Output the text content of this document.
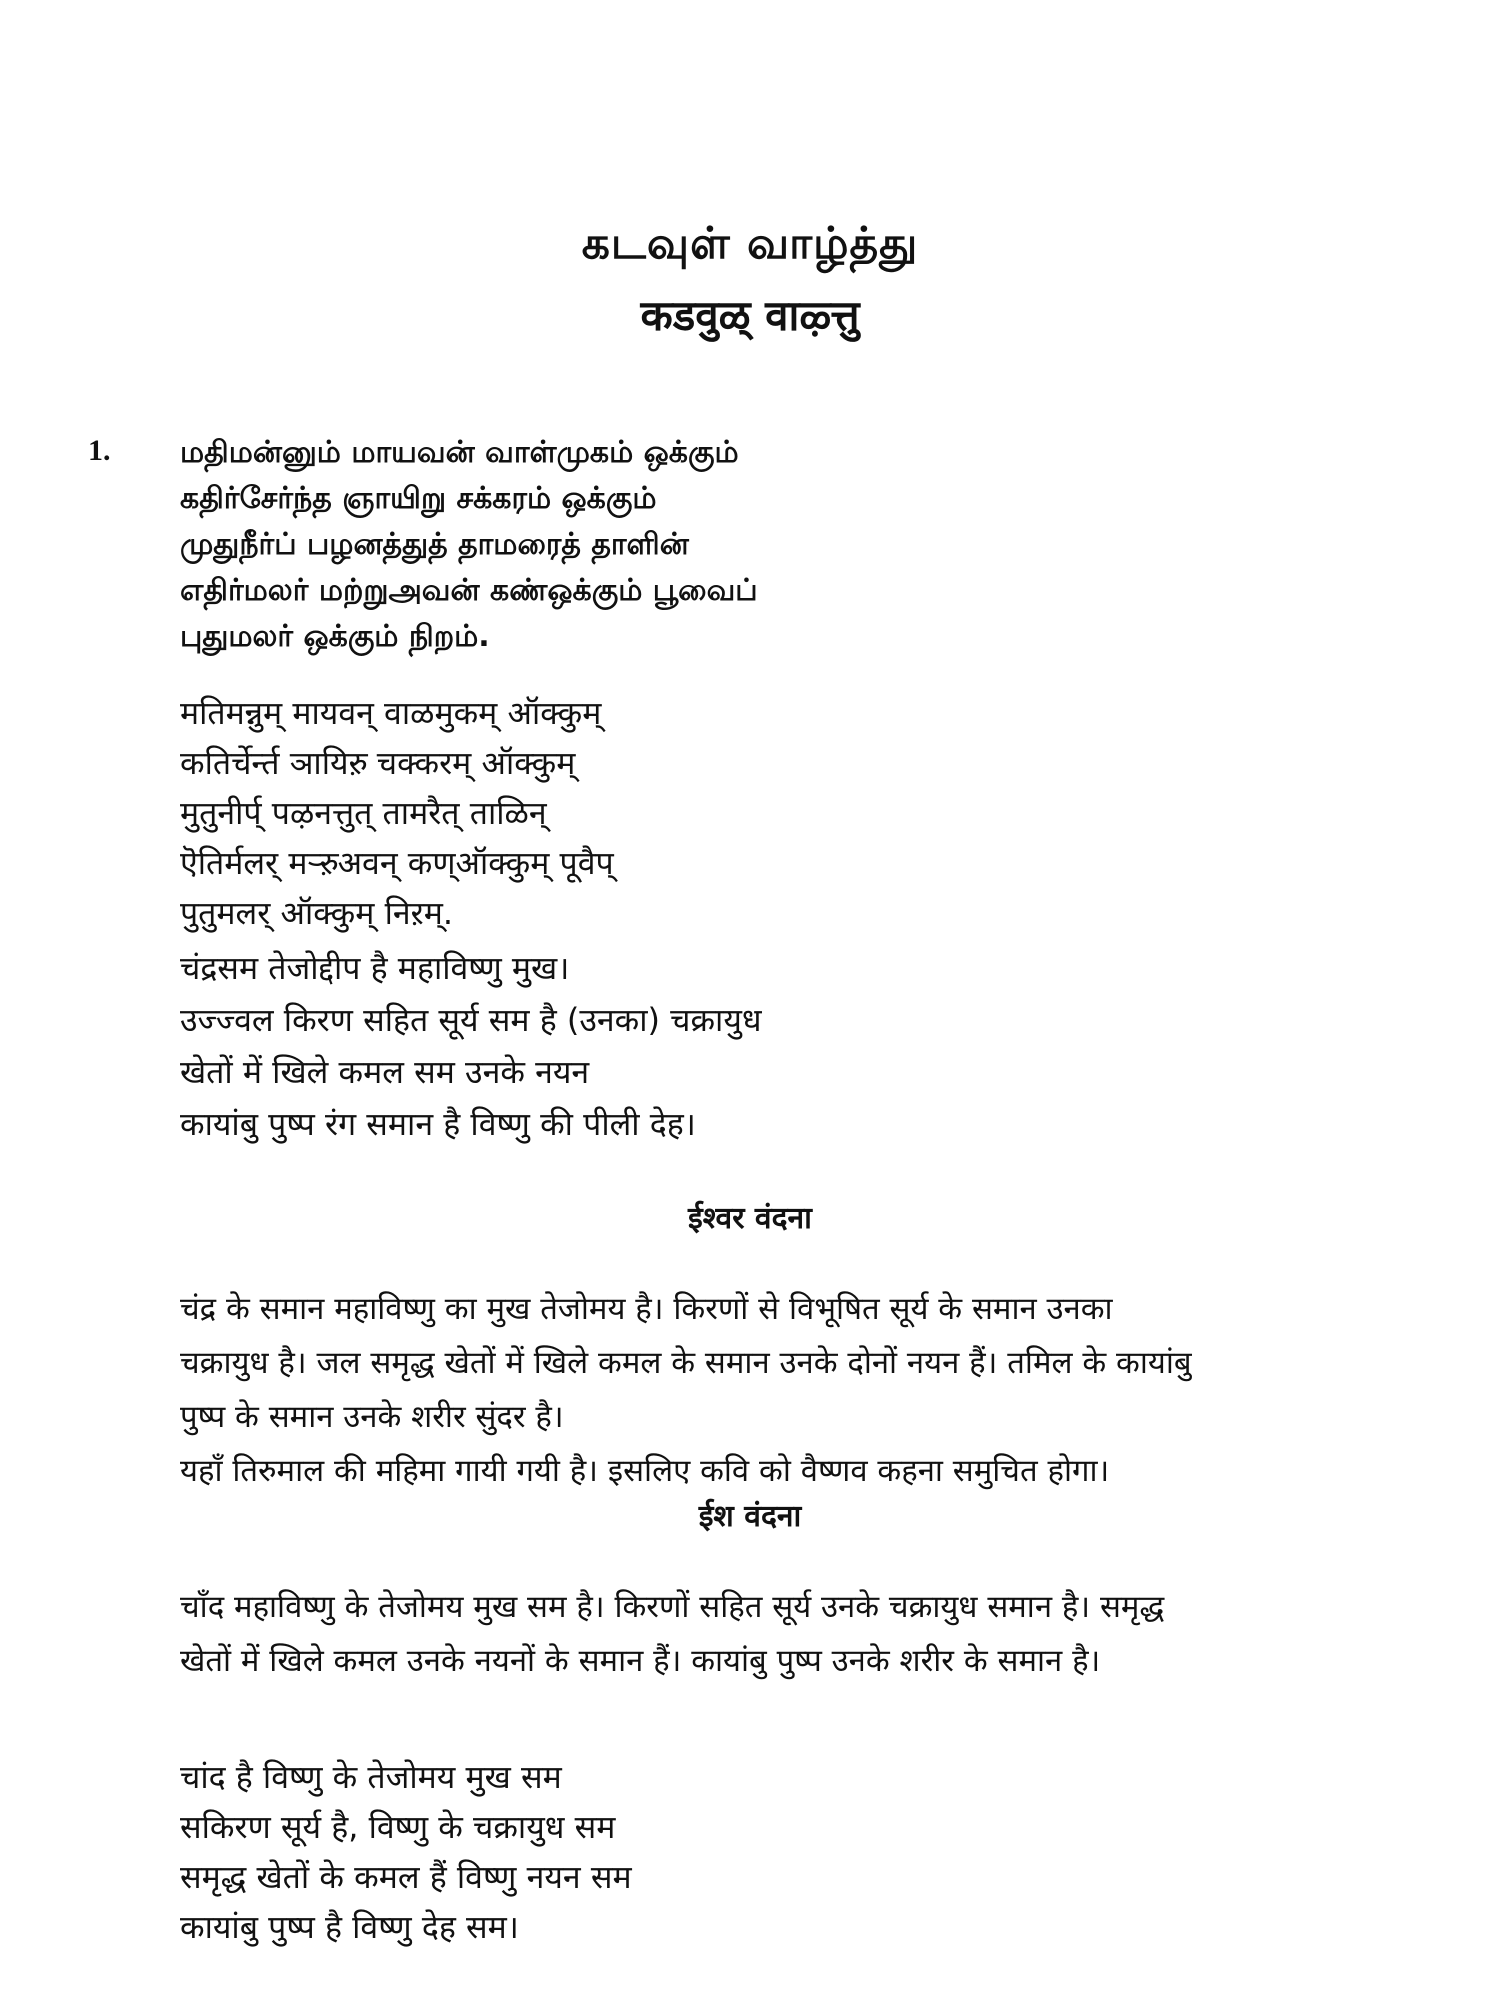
கடவுள் வாழ்த்து
कडवुळ् वाऴ्त्तु
1. மதிமன்னும் மாயவன் வாள்முகம் ஒக்கும்
கதிர்சேர்ந்த ஞாயிறு சக்கரம் ஒக்கும்
முதுநீர்ப் பழனத்துத் தாமரைத் தாளின்
எதிர்மலர் மற்றுஅவன் கண்ஒக்கும் பூவைப்
புதுமலர் ஒக்கும் நிறம்.
मतिमन्नुम् मायवन् वाळमुकम् ऑक्कुम्
कतिर्चेर्न्त ञायिऱु चक्करम् ऑक्कुम्
मुतुनीर्प् पऴनत्तुत् तामरैत् ताळिन्
ऎतिर्मलर् मऱ्ऱुअवन् कण्ऑक्कुम् पूवैप्
पुतुमलर् ऑक्कुम् निऱम्.
चंद्रसम तेजोद्दीप है महाविष्णु मुख।
उज्ज्वल किरण सहित सूर्य सम है (उनका) चक्रायुध
खेतों में खिले कमल सम उनके नयन
कायांबु पुष्प रंग समान है विष्णु की पीली देह।
ईश्वर वंदना
चंद्र के समान महाविष्णु का मुख तेजोमय है। किरणों से विभूषित सूर्य के समान उनका
चक्रायुध है। जल समृद्ध खेतों में खिले कमल के समान उनके दोनों नयन हैं। तमिल के कायांबु
पुष्प के समान उनके शरीर सुंदर है।
यहाँ तिरुमाल की महिमा गायी गयी है। इसलिए कवि को वैष्णव कहना समुचित होगा।
ईश वंदना
चाँद महाविष्णु के तेजोमय मुख सम है। किरणों सहित सूर्य उनके चक्रायुध समान है। समृद्ध
खेतों में खिले कमल उनके नयनों के समान हैं। कायांबु पुष्प उनके शरीर के समान है।
चांद है विष्णु के तेजोमय मुख सम
सकिरण सूर्य है, विष्णु के चक्रायुध सम
समृद्ध खेतों के कमल हैं विष्णु नयन सम
कायांबु पुष्प है विष्णु देह सम।
